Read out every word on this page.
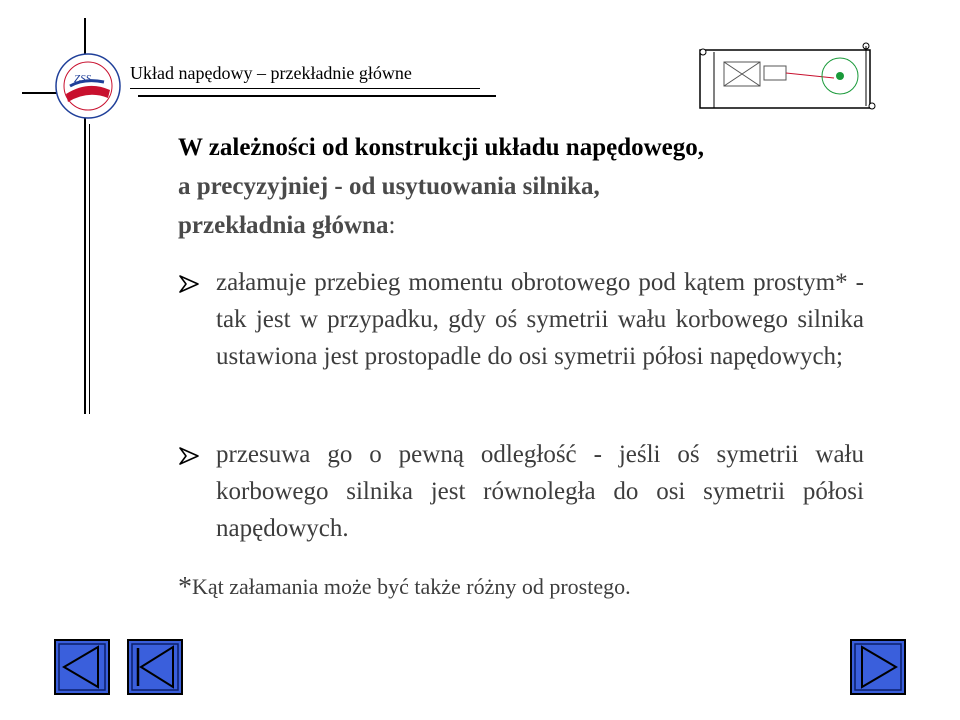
ZSS Układ napędowy – przekładnie główne
W zależności od konstrukcji układu napędowego,
a precyzyjniej - od usytuowania silnika,
przekładnia główna:
załamuje przebieg momentu obrotowego pod kątem prostym* - tak jest w przypadku, gdy oś symetrii wału korbowego silnika ustawiona jest prostopadle do osi symetrii półosi napędowych;
przesuwa go o pewną odległość - jeśli oś symetrii wału korbowego silnika jest równoległa do osi symetrii półosi napędowych.
*Kąt załamania może być także różny od prostego.
